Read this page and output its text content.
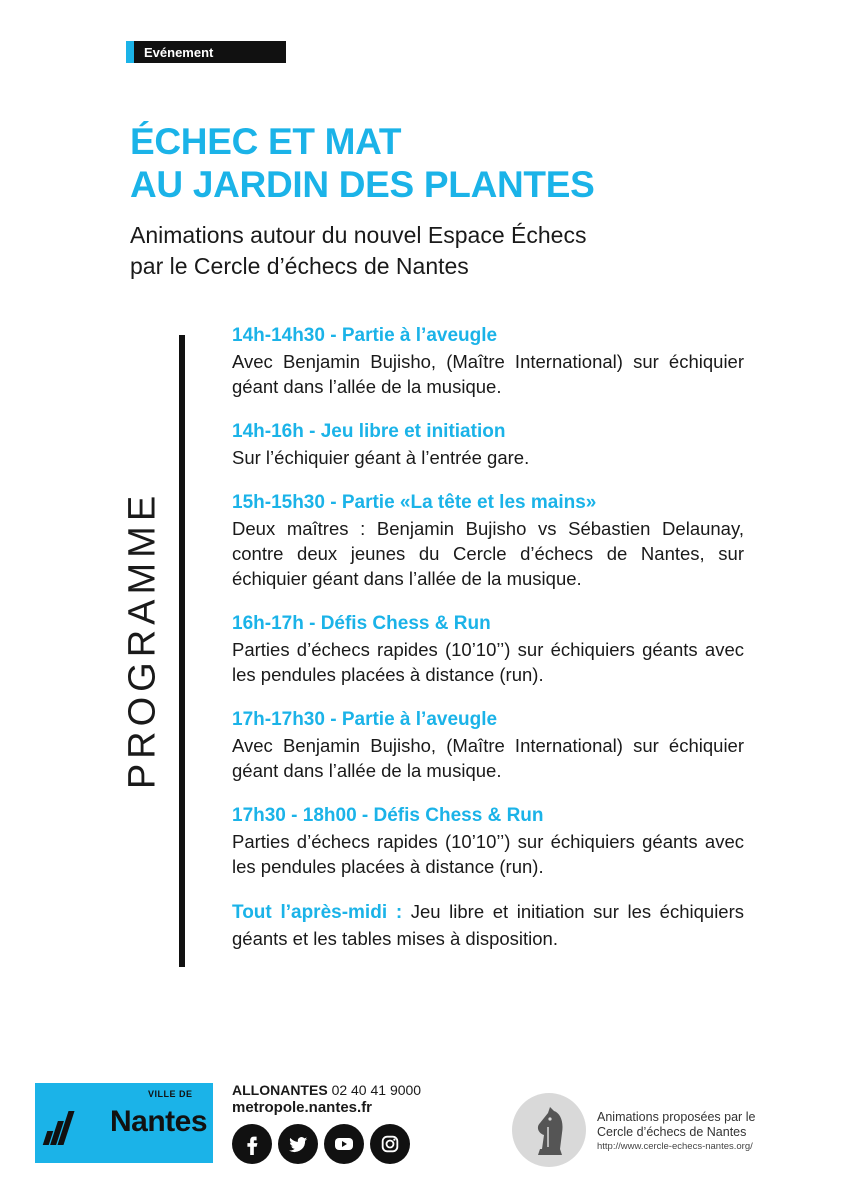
Evénement
ÉCHEC ET MAT
AU JARDIN DES PLANTES
Animations autour du nouvel Espace Échecs
par le Cercle d’échecs de Nantes
PROGRAMME
14h-14h30 - Partie à l’aveugle
Avec Benjamin Bujisho, (Maître International) sur échiquier géant dans l’allée de la musique.
14h-16h - Jeu libre et initiation
Sur l’échiquier géant à l’entrée gare.
15h-15h30 - Partie «La tête et les mains»
Deux maîtres : Benjamin Bujisho vs Sébastien Delaunay, contre deux jeunes du Cercle d’échecs de Nantes, sur échiquier géant dans l’allée de la musique.
16h-17h - Défis Chess & Run
Parties d’échecs rapides (10’10’’) sur échiquiers géants avec les pendules placées à distance (run).
17h-17h30 - Partie à l’aveugle
Avec Benjamin Bujisho, (Maître International) sur échiquier géant dans l’allée de la musique.
17h30 - 18h00 - Défis Chess & Run
Parties d’échecs rapides (10’10’’) sur échiquiers géants avec les pendules placées à distance (run).
Tout l’après-midi : Jeu libre et initiation sur les échiquiers géants et les tables mises à disposition.
VILLE DE
Nantes
ALLONANTES 02 40 41 9000
metropole.nantes.fr
Animations proposées par le
Cercle d’échecs de Nantes
http://www.cercle-echecs-nantes.org/
